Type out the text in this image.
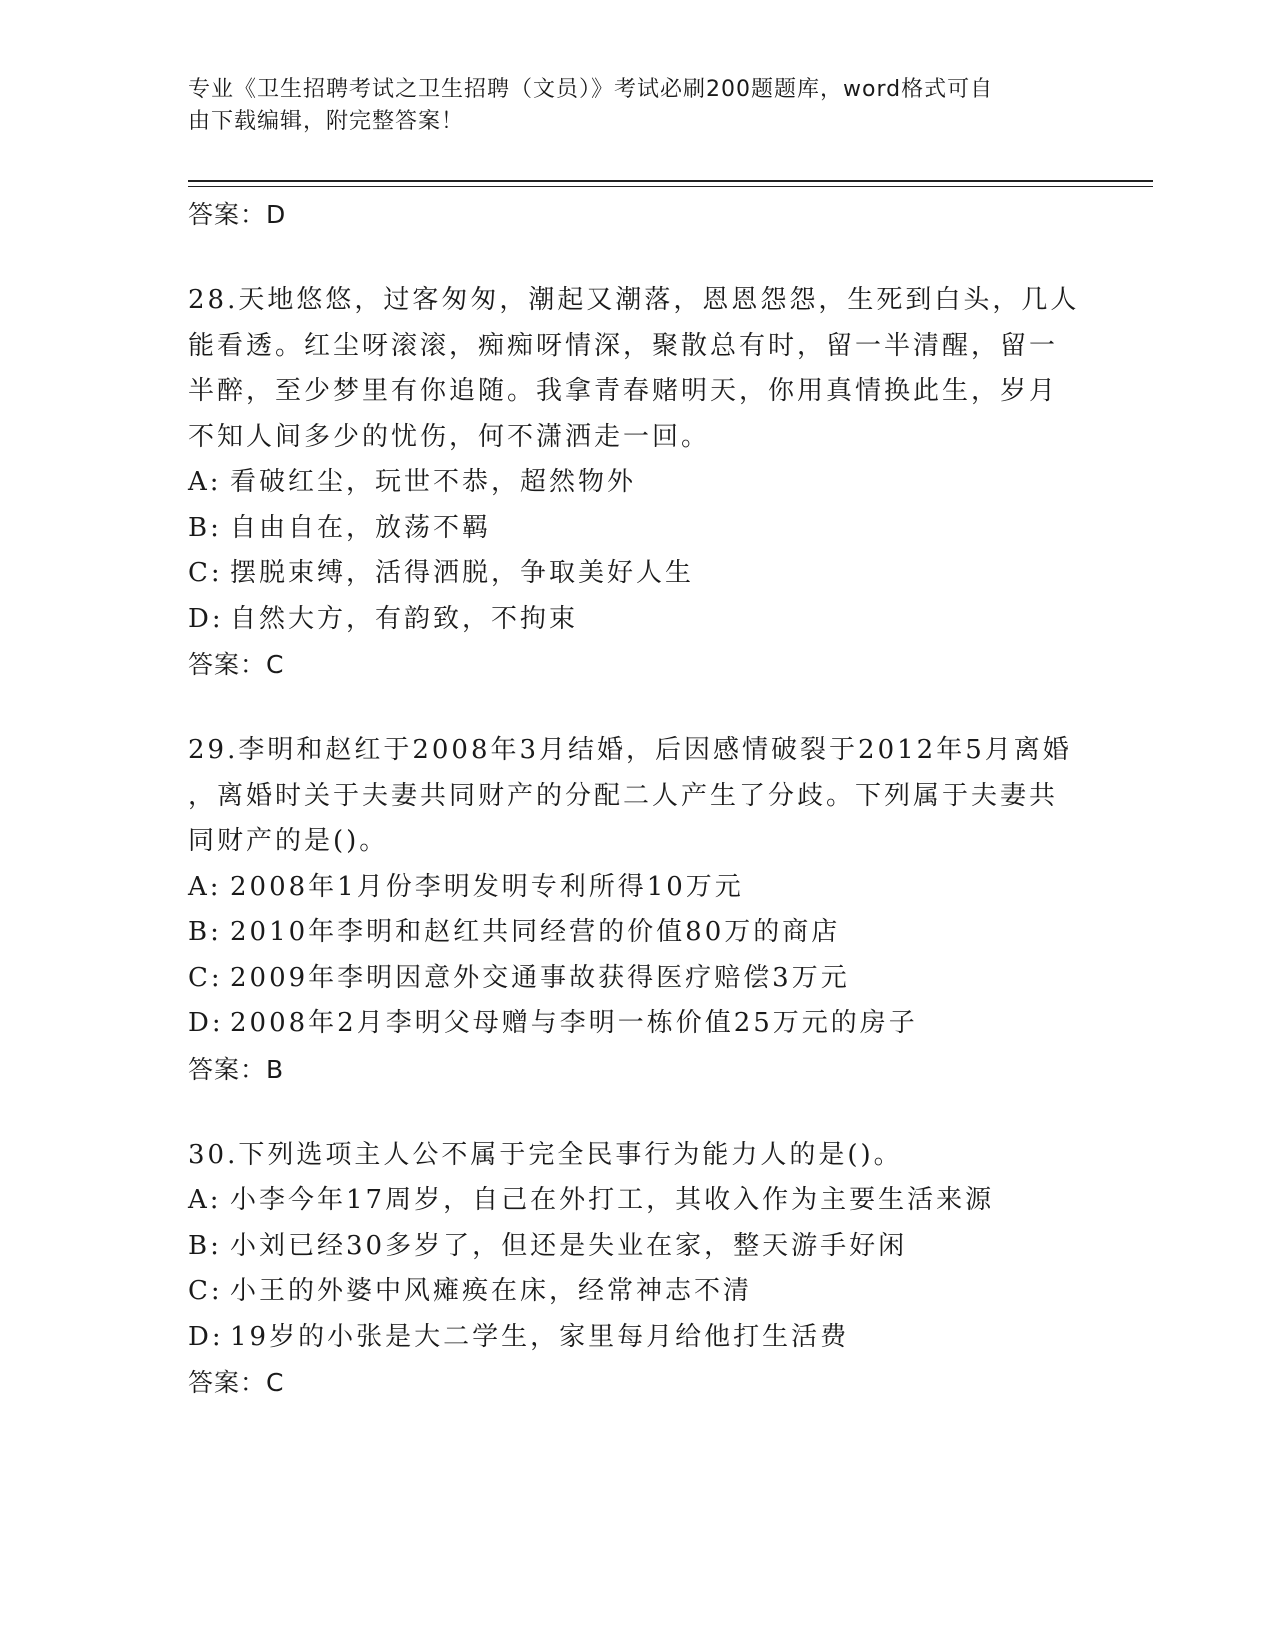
专业《卫生招聘考试之卫生招聘（文员）》考试必刷200题题库，word格式可自
由下载编辑，附完整答案！
答案：D
28.天地悠悠，过客匆匆，潮起又潮落，恩恩怨怨，生死到白头，几人
能看透。红尘呀滚滚，痴痴呀情深，聚散总有时，留一半清醒，留一
半醉，至少梦里有你追随。我拿青春赌明天，你用真情换此生，岁月
不知人间多少的忧伤，何不潇洒走一回。
A: 看破红尘，玩世不恭，超然物外
B: 自由自在，放荡不羁
C: 摆脱束缚，活得洒脱，争取美好人生
D: 自然大方，有韵致，不拘束
答案：C
29.李明和赵红于2008年3月结婚，后因感情破裂于2012年5月离婚
，离婚时关于夫妻共同财产的分配二人产生了分歧。下列属于夫妻共
同财产的是()。
A: 2008年1月份李明发明专利所得10万元
B: 2010年李明和赵红共同经营的价值80万的商店
C: 2009年李明因意外交通事故获得医疗赔偿3万元
D: 2008年2月李明父母赠与李明一栋价值25万元的房子
答案：B
30.下列选项主人公不属于完全民事行为能力人的是()。
A: 小李今年17周岁，自己在外打工，其收入作为主要生活来源
B: 小刘已经30多岁了，但还是失业在家，整天游手好闲
C: 小王的外婆中风瘫痪在床，经常神志不清
D: 19岁的小张是大二学生，家里每月给他打生活费
答案：C
